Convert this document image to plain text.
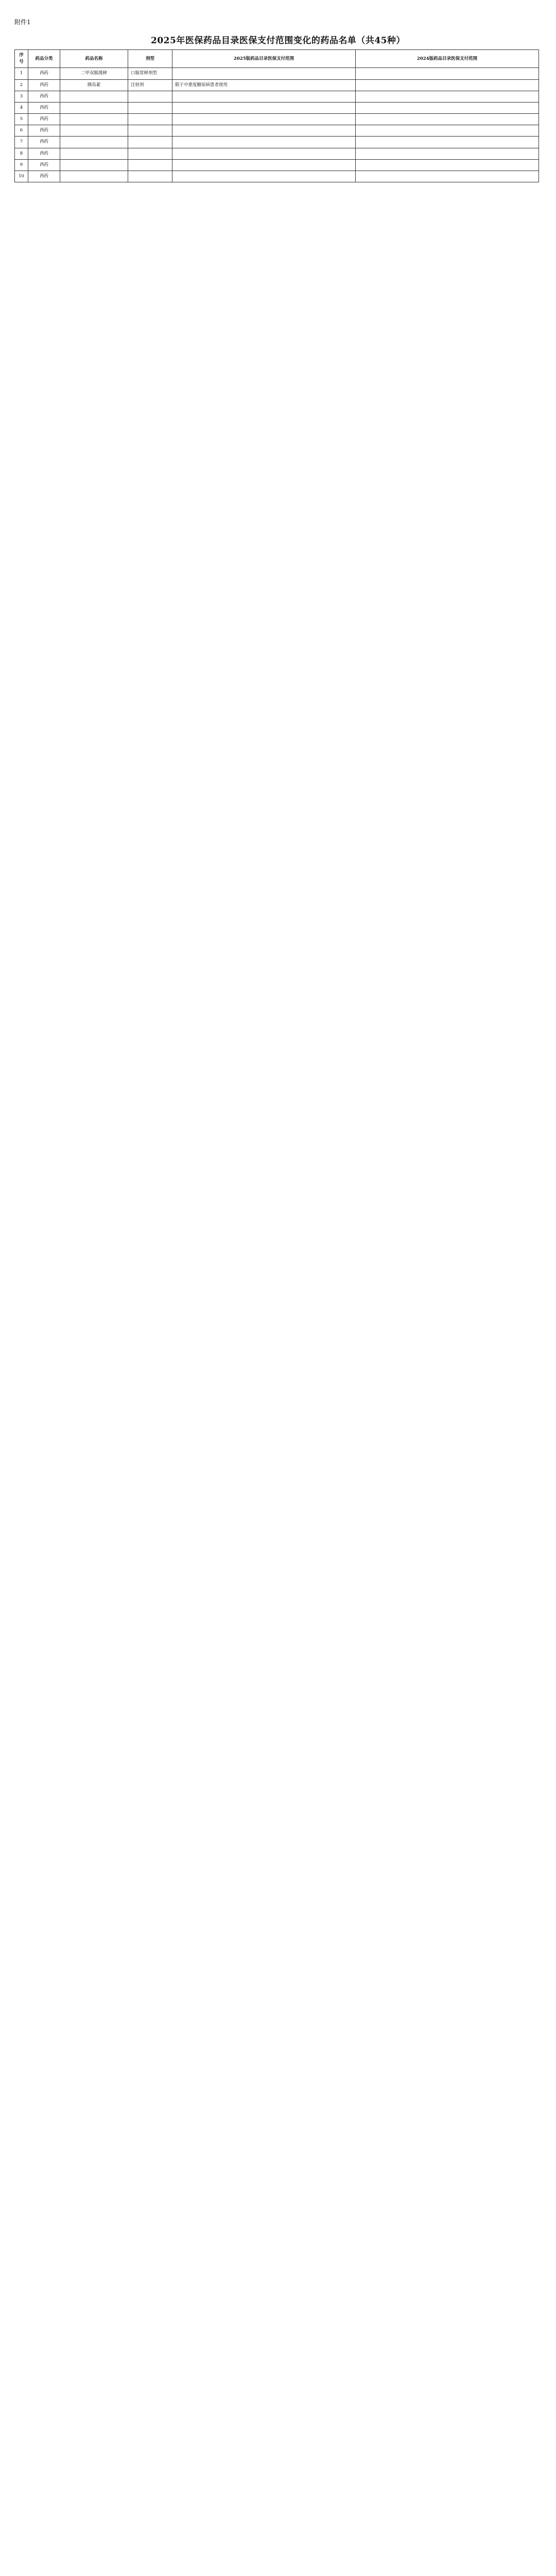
附件1
2025年医保药品目录医保支付范围变化的药品名单（共45种）
序号	药品分类	药品名称	剂型	2025版药品目录医保支付范围	2024版药品目录医保支付范围
1	西药	二甲双胍缓释	口服常释剂型		
2	西药	胰岛素	注射剂	限于中重度糖尿病患者使用	
3	西药				
4	西药				
5	西药				
6	西药				
7	西药				
8	西药				
9	西药				
10	西药				
